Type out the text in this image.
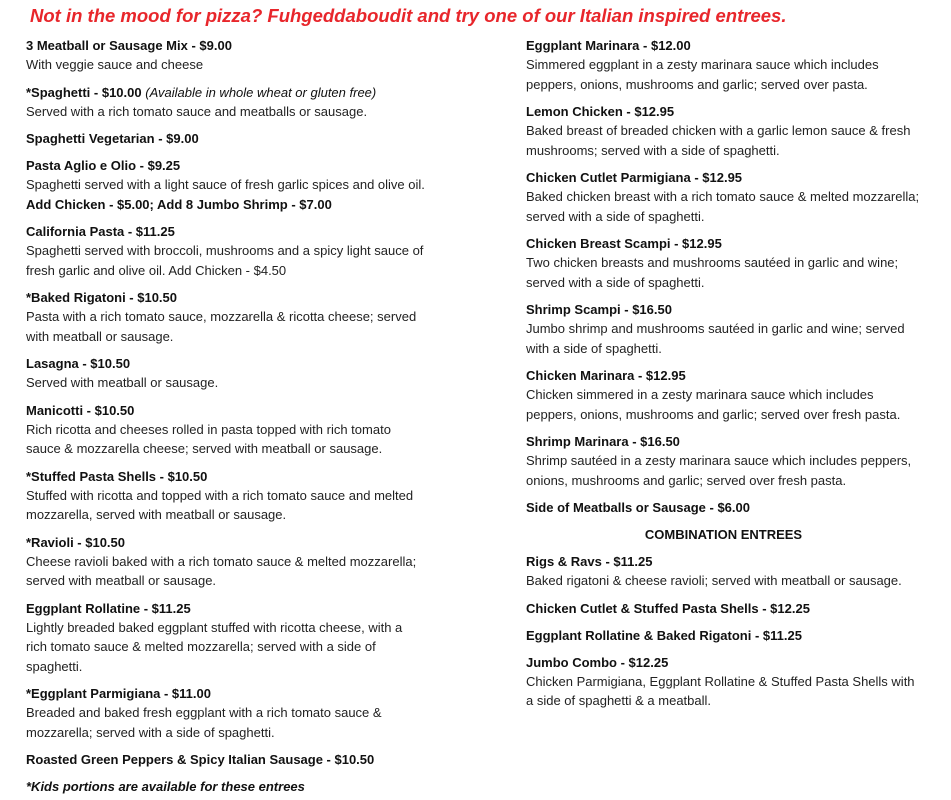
Not in the mood for pizza? Fuhgeddaboudit and try one of our Italian inspired entrees.
3 Meatball or Sausage Mix - $9.00
With veggie sauce and cheese
*Spaghetti - $10.00 (Available in whole wheat or gluten free)
Served with a rich tomato sauce and meatballs or sausage.
Spaghetti Vegetarian - $9.00
Pasta Aglio e Olio - $9.25
Spaghetti served with a light sauce of fresh garlic spices and olive oil. Add Chicken - $5.00; Add 8 Jumbo Shrimp - $7.00
California Pasta - $11.25
Spaghetti served with broccoli, mushrooms and a spicy light sauce of fresh garlic and olive oil. Add Chicken - $4.50
*Baked Rigatoni - $10.50
Pasta with a rich tomato sauce, mozzarella & ricotta cheese; served with meatball or sausage.
Lasagna - $10.50
Served with meatball or sausage.
Manicotti - $10.50
Rich ricotta and cheeses rolled in pasta topped with rich tomato sauce & mozzarella cheese; served with meatball or sausage.
*Stuffed Pasta Shells - $10.50
Stuffed with ricotta and topped with a rich tomato sauce and melted mozzarella, served with meatball or sausage.
*Ravioli - $10.50
Cheese ravioli baked with a rich tomato sauce & melted mozzarella; served with meatball or sausage.
Eggplant Rollatine - $11.25
Lightly breaded baked eggplant stuffed with ricotta cheese, with a rich tomato sauce & melted mozzarella; served with a side of spaghetti.
*Eggplant Parmigiana - $11.00
Breaded and baked fresh eggplant with a rich tomato sauce & mozzarella; served with a side of spaghetti.
Roasted Green Peppers & Spicy Italian Sausage - $10.50
*Kids portions are available for these entrees
Eggplant Marinara - $12.00
Simmered eggplant in a zesty marinara sauce which includes peppers, onions, mushrooms and garlic; served over pasta.
Lemon Chicken - $12.95
Baked breast of breaded chicken with a garlic lemon sauce & fresh mushrooms; served with a side of spaghetti.
Chicken Cutlet Parmigiana - $12.95
Baked chicken breast with a rich tomato sauce & melted mozzarella; served with a side of spaghetti.
Chicken Breast Scampi - $12.95
Two chicken breasts and mushrooms sautéed in garlic and wine; served with a side of spaghetti.
Shrimp Scampi - $16.50
Jumbo shrimp and mushrooms sautéed in garlic and wine; served with a side of spaghetti.
Chicken Marinara - $12.95
Chicken simmered in a zesty marinara sauce which includes peppers, onions, mushrooms and garlic; served over fresh pasta.
Shrimp Marinara - $16.50
Shrimp sautéed in a zesty marinara sauce which includes peppers, onions, mushrooms and garlic; served over fresh pasta.
Side of Meatballs or Sausage - $6.00
COMBINATION ENTREES
Rigs & Ravs - $11.25
Baked rigatoni & cheese ravioli; served with meatball or sausage.
Chicken Cutlet & Stuffed Pasta Shells - $12.25
Eggplant Rollatine & Baked Rigatoni - $11.25
Jumbo Combo - $12.25
Chicken Parmigiana, Eggplant Rollatine & Stuffed Pasta Shells with a side of spaghetti & a meatball.
